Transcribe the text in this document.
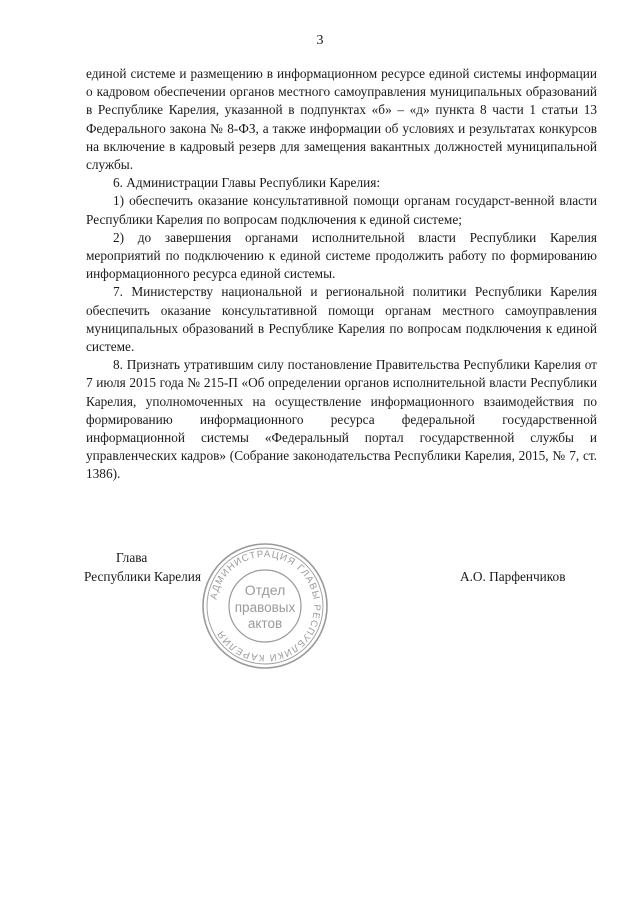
3

единой системе и размещению в информационном ресурсе единой системы информации о кадровом обеспечении органов местного самоуправления муниципальных образований в Республике Карелия, указанной в подпунктах «б» – «д» пункта 8 части 1 статьи 13 Федерального закона № 8-ФЗ, а также информации об условиях и результатах конкурсов на включение в кадровый резерв для замещения вакантных должностей муниципальной службы.

6. Администрации Главы Республики Карелия:

1) обеспечить оказание консультативной помощи органам государст-венной власти Республики Карелия по вопросам подключения к единой системе;

2) до завершения органами исполнительной власти Республики Карелия мероприятий по подключению к единой системе продолжить работу по формированию информационного ресурса единой системы.

7. Министерству национальной и региональной политики Республики Карелия обеспечить оказание консультативной помощи органам местного самоуправления муниципальных образований в Республике Карелия по вопросам подключения к единой системе.

8. Признать утратившим силу постановление Правительства Республики Карелия от 7 июля 2015 года № 215-П «Об определении органов исполнительной власти Республики Карелия, уполномоченных на осуществление информационного взаимодействия по формированию информационного ресурса федеральной государственной информационной системы «Федеральный портал государственной службы и управленческих кадров» (Собрание законодательства Республики Карелия, 2015, № 7, ст. 1386).

Глава
Республики Карелия	А.О. Парфенчиков
АДМИНИСТРАЦИЯ ГЛАВЫ РЕСПУБЛИКИ КАРЕЛИЯ
Отдел
правовых
актов
